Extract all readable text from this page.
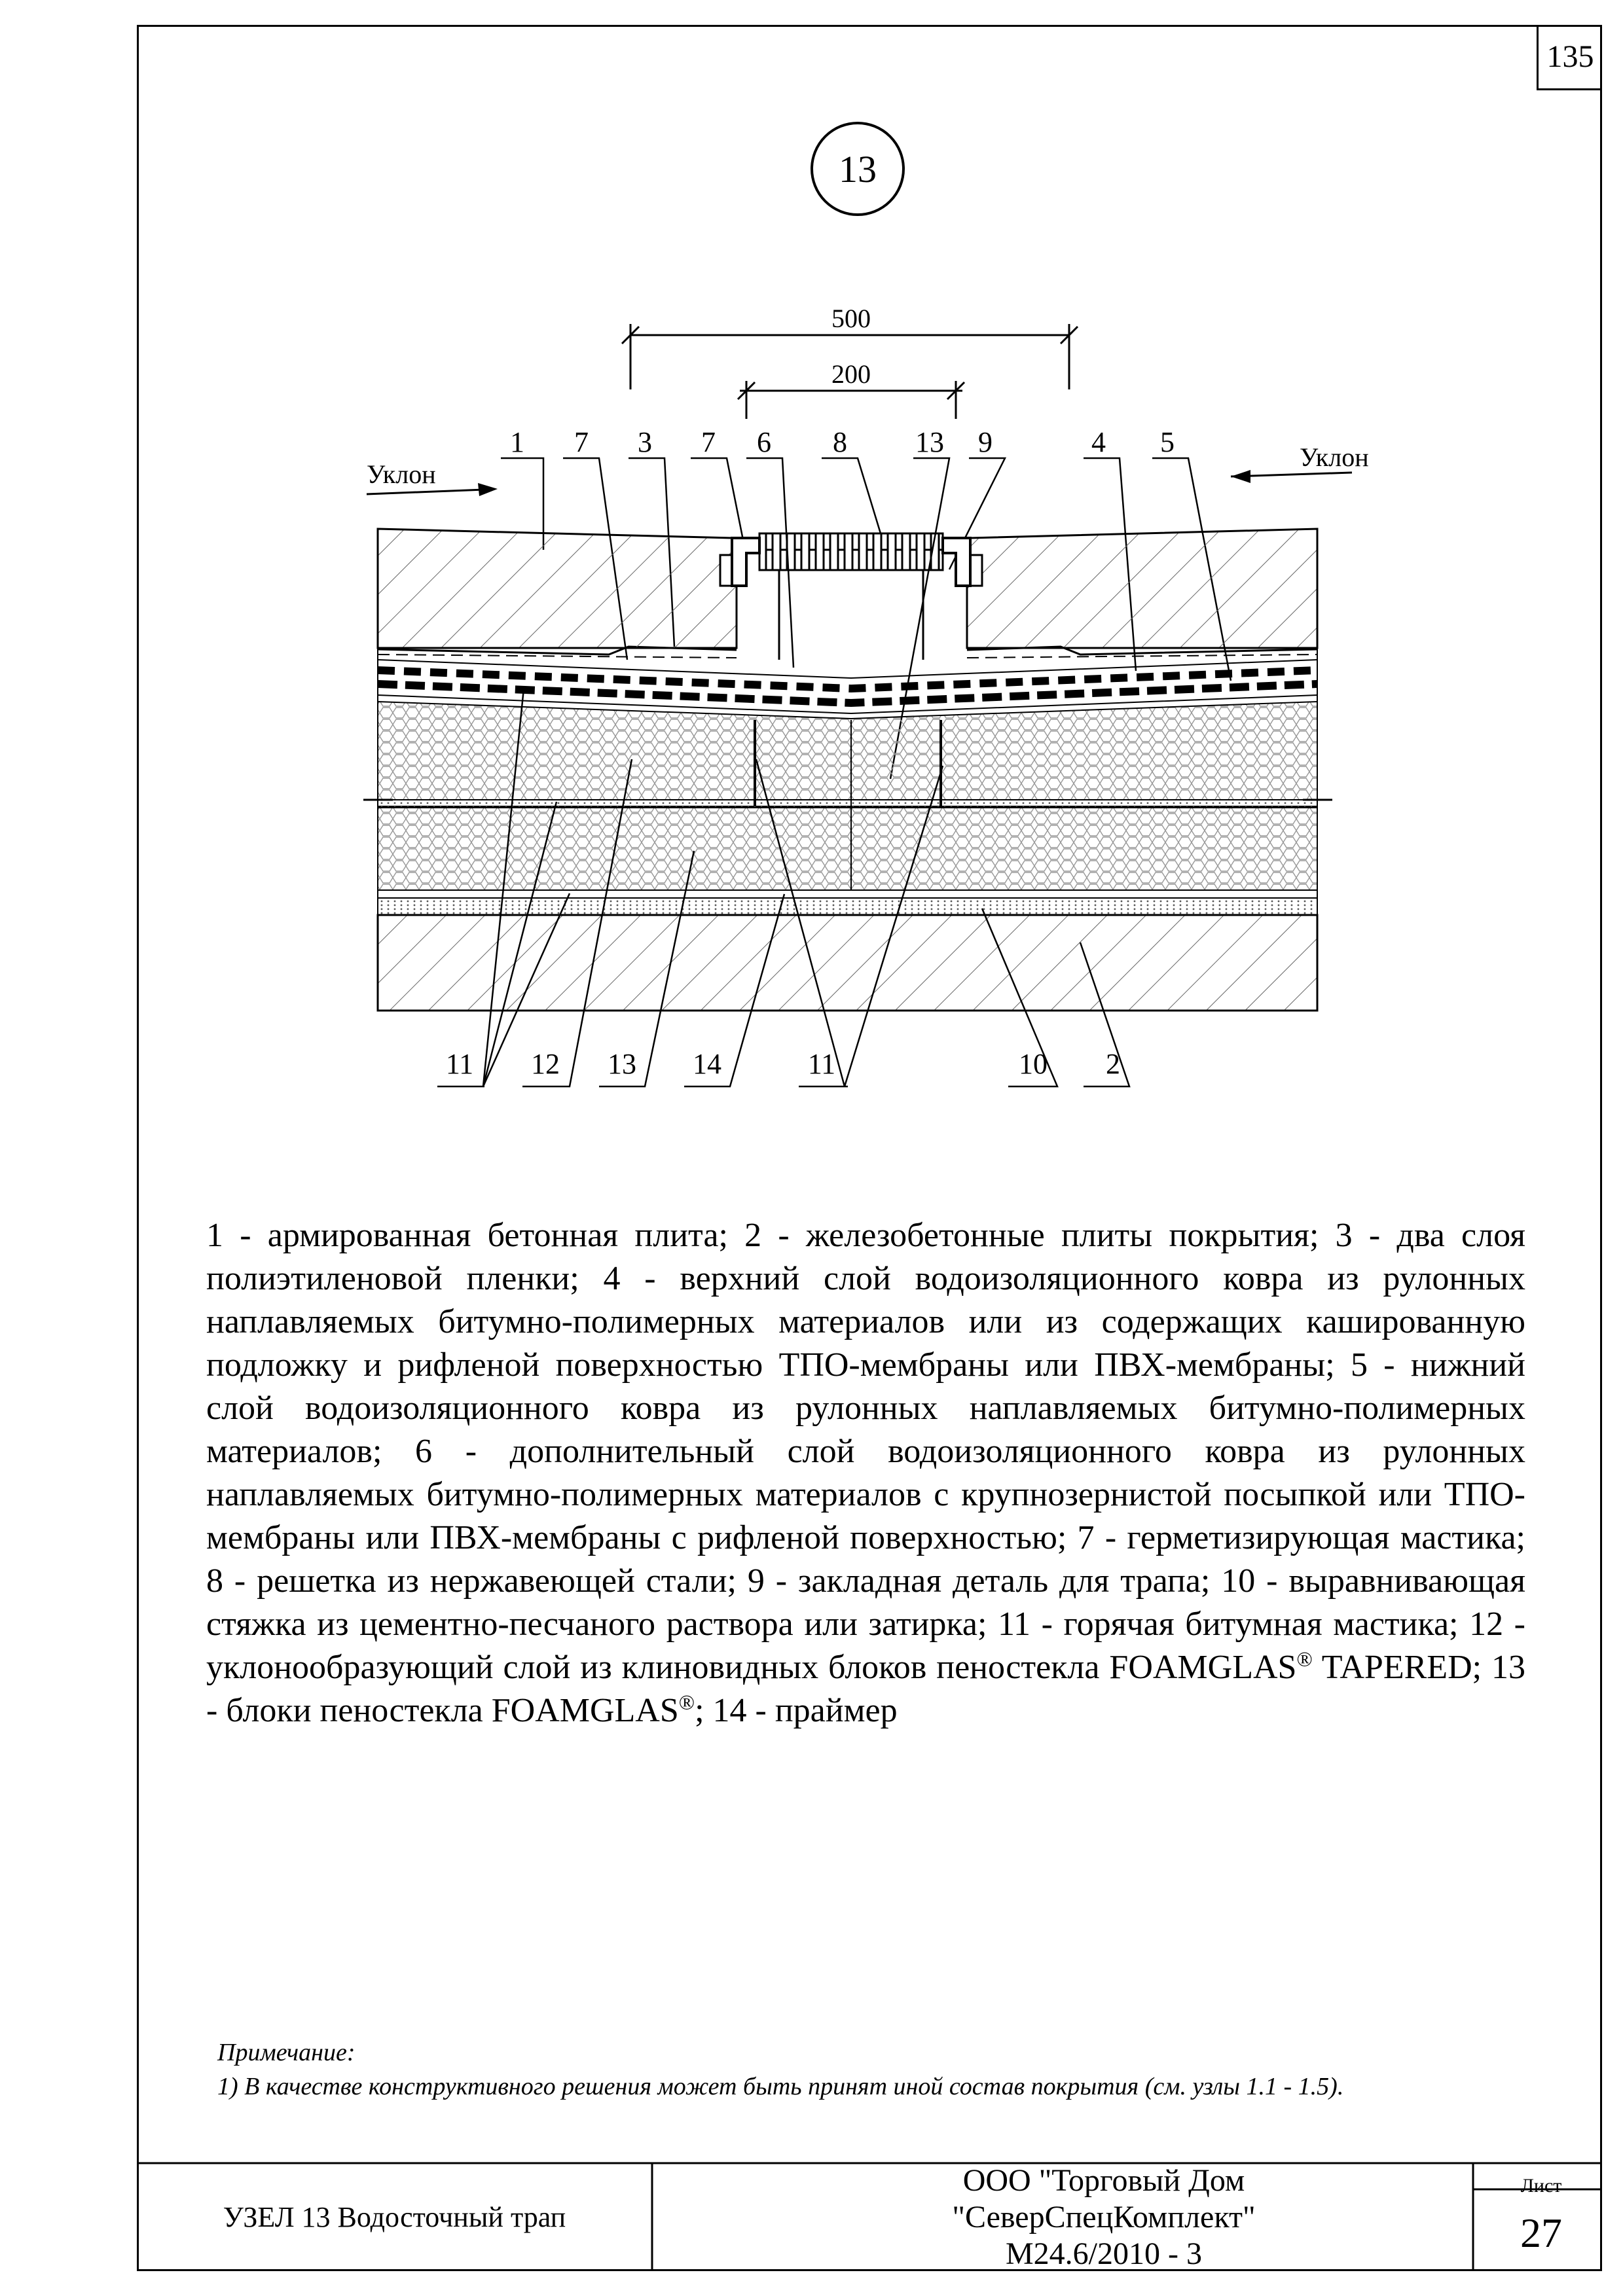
135
13
500
200
Уклон
Уклон
1 7 3 7 6 8 13 9	4 5
11 12 13 14	11	10 2
1 - армированная бетонная плита; 2 - железобетонные плиты покрытия; 3 - два слоя полиэтиленовой пленки; 4 - верхний слой водоизоляционного ковра из рулонных наплавляемых битумно-полимерных материалов или из содержащих кашированную подложку и рифленой поверхностью ТПО-мембраны или ПВХ-мембраны; 5 - нижний слой водоизоляционного ковра из рулонных наплавляемых битумно-полимерных материалов; 6 - дополнительный слой водоизоляционного ковра из рулонных наплавляемых битумно-полимерных материалов с крупнозернистой посыпкой или ТПО-мембраны или ПВХ-мембраны с рифленой поверхностью; 7 - герметизирующая мастика; 8 - решетка из нержавеющей стали; 9 - закладная деталь для трапа; 10 - выравнивающая стяжка из цементно-песчаного раствора или затирка; 11 - горячая битумная мастика; 12 - уклонообразующий слой из клиновидных блоков пеностекла FOAMGLAS® TAPERED; 13 - блоки пеностекла FOAMGLAS®; 14 - праймер
Примечание:
1) В качестве конструктивного решения может быть принят иной состав покрытия (см. узлы 1.1 - 1.5).
УЗЕЛ 13 Водосточный трап
ООО "Торговый Дом
"СеверСпецКомплект"
М24.6/2010 - 3
Лист
27
